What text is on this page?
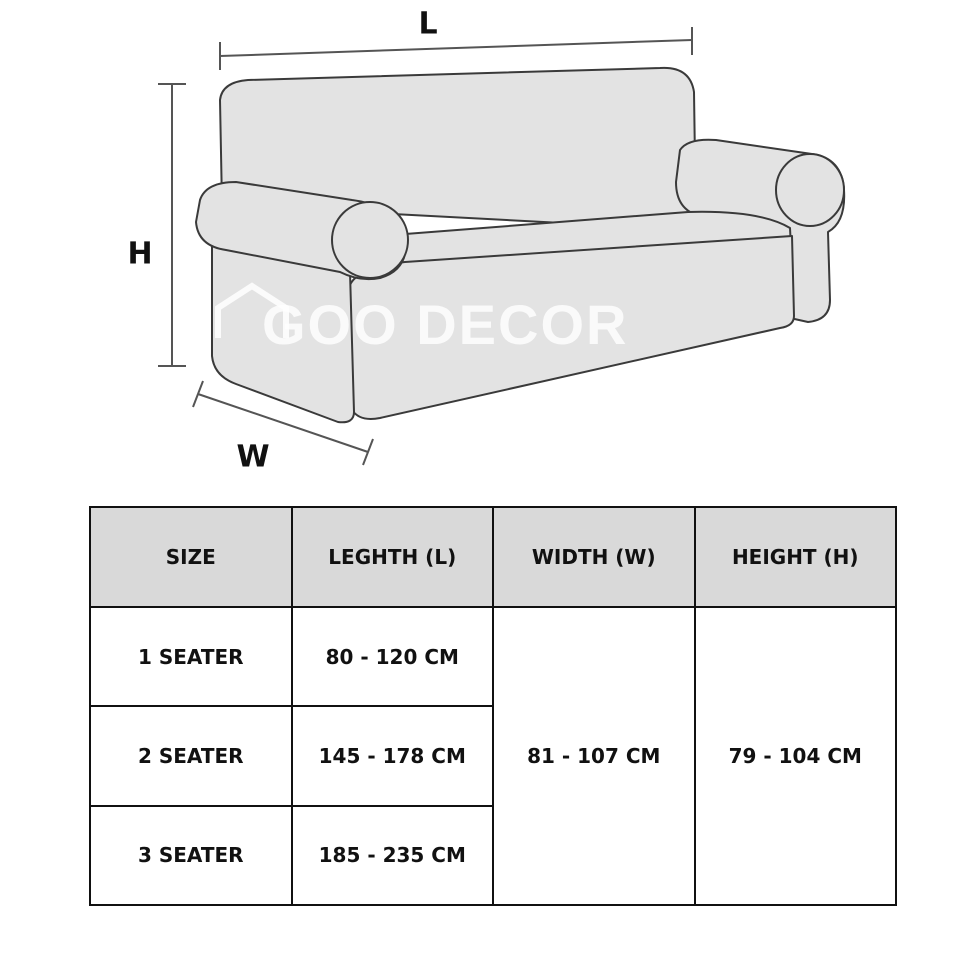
GOO DECOR
L
H
W
SIZE	LEGHTH (L)	WIDTH (W)	HEIGHT (H)
1 SEATER	80 - 120 CM	81 - 107 CM	79 - 104 CM
2 SEATER	145 - 178 CM		
3 SEATER	185 - 235 CM		
